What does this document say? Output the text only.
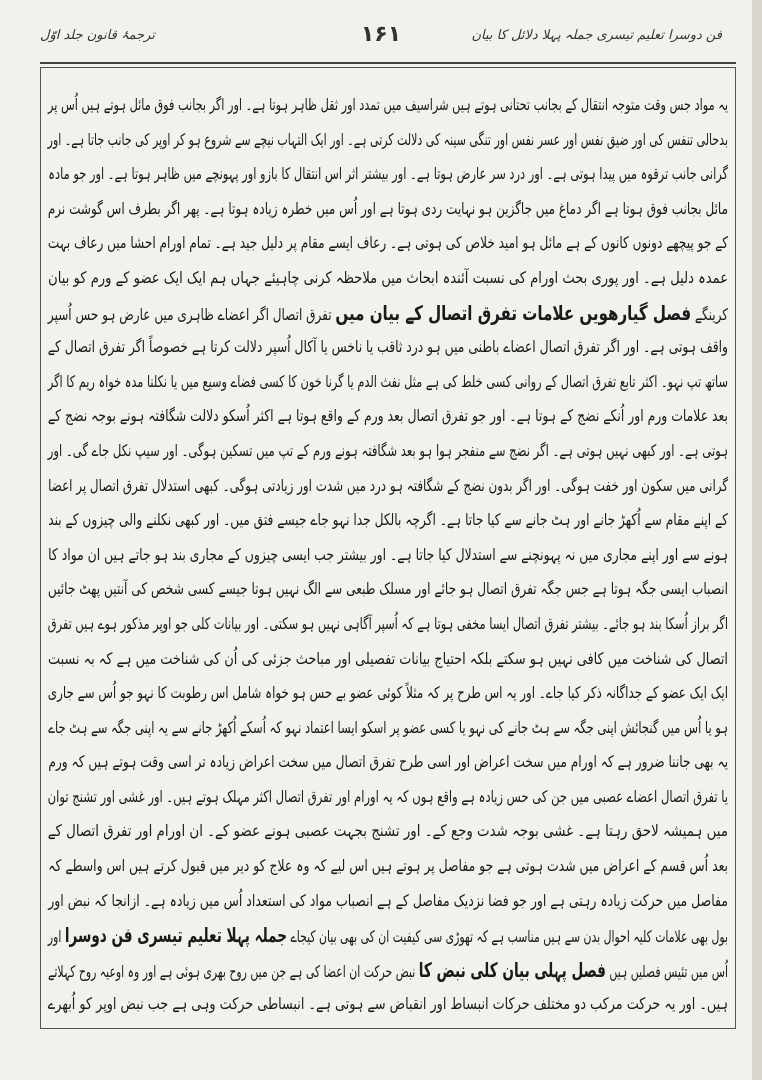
فن دوسرا تعلیم تیسری جملہ پہلا دلائل کا بیان
۱۶۱
ترجمۂ قانون جلد اوّل
یہ مواد جس وقت متوجہ انتقال کے بجانب تحتانی ہوتے ہیں شراسیف میں تمدد اور ثقل ظاہر ہوتا ہے۔ اور اگر بجانب فوق مائل ہوتے ہیں اُس پر
بدحالی تنفس کی اور ضیق نفس اور عسر نفس اور تنگی سینہ کی دلالت کرتی ہے۔ اور ایک التہاب نیچے سے شروع ہو کر اوپر کی جانب جاتا ہے۔ اور
گرانی جانب ترقوہ میں پیدا ہوتی ہے۔ اور درد سر عارض ہوتا ہے۔ اور بیشتر اثر اس انتقال کا بازو اور پہونچے میں ظاہر ہوتا ہے۔ اور جو مادہ
مائل بجانب فوق ہوتا ہے اگر دماغ میں جاگزین ہو نہایت ردی ہوتا ہے اور اُس میں خطرہ زیادہ ہوتا ہے۔ پھر اگر بطرف اس گوشت نرم
کے جو پیچھے دونوں کانوں کے ہے مائل ہو امید خلاص کی ہوتی ہے۔ رعاف ایسے مقام پر دلیل جید ہے۔ تمام اورام احشا میں رعاف بہت
عمدہ دلیل ہے۔ اور پوری بحث اورام کی نسبت آئندہ ابحاث میں ملاحظہ کرنی چاہیئے جہاں ہم ایک ایک عضو کے ورم کو بیان
کرینگے فصل گیارھویں علامات تفرق اتصال کے بیان میں تفرق اتصال اگر اعضاے ظاہری میں عارض ہو حس اُسپر
واقف ہوتی ہے۔ اور اگر تفرق اتصال اعضاے باطنی میں ہو درد ثاقب یا ناخس یا آکال اُسپر دلالت کرتا ہے خصوصاً اگر تفرق اتصال کے
ساتھ تپ نہو۔ اکثر تابع تفرق اتصال کے روانی کسی خلط کی ہے مثل نفث الدم یا گرنا خون کا کسی فضاے وسیع میں یا نکلنا مدہ خواہ ریم کا اگر
بعد علامات ورم اور اُنکے نضج کے ہوتا ہے۔ اور جو تفرق اتصال بعد ورم کے واقع ہوتا ہے اکثر اُسکو دلالت شگافتہ ہونے بوجہ نضج کے
ہوتی ہے۔ اور کبھی نہیں ہوتی ہے۔ اگر نضج سے منفجر ہوا ہو بعد شگافتہ ہونے ورم کے تپ میں تسکین ہوگی۔ اور سیپ نکل جاے گی۔ اور
گرانی میں سکون اور خفت ہوگی۔ اور اگر بدون نضج کے شگافتہ ہو درد میں شدت اور زیادتی ہوگی۔ کبھی استدلال تفرق اتصال پر اعضا
کے اپنے مقام سے اُکھڑ جانے اور ہٹ جانے سے کیا جاتا ہے۔ اگرچہ بالکل جدا نہو جاے جیسے فتق میں۔ اور کبھی نکلنے والی چیزوں کے بند
ہونے سے اور اپنے مجاری میں نہ پہونچنے سے استدلال کیا جاتا ہے۔ اور بیشتر جب ایسی چیزوں کے مجاری بند ہو جاتے ہیں ان مواد کا
انصباب ایسی جگہ ہوتا ہے جس جگہ تفرق اتصال ہو جائے اور مسلک طبعی سے الگ نہیں ہوتا جیسے کسی شخص کی آنتیں پھٹ جائیں
اگر براز اُسکا بند ہو جائے۔ بیشتر تفرق اتصال ایسا مخفی ہوتا ہے کہ اُسپر آگاہی نہیں ہو سکتی۔ اور بیانات کلی جو اوپر مذکور ہوے ہیں تفرق
اتصال کی شناخت میں کافی نہیں ہو سکتے بلکہ احتیاج بیانات تفصیلی اور مباحث جزئی کی اُن کی شناخت میں ہے کہ بہ نسبت
ایک ایک عضو کے جداگانہ ذکر کیا جاے۔ اور یہ اس طرح پر کہ مثلاً کوئی عضو بے حس ہو خواہ شامل اس رطوبت کا نہو جو اُس سے جاری
ہو یا اُس میں گنجائش اپنی جگہ سے ہٹ جانے کی نہو یا کسی عضو پر اسکو ایسا اعتماد نہو کہ اُسکے اُکھڑ جانے سے یہ اپنی جگہ سے ہٹ جاے
یہ بھی جاننا ضرور ہے کہ اورام میں سخت اعراض اور اسی طرح تفرق اتصال میں سخت اعراض زیادہ تر اسی وقت ہوتے ہیں کہ ورم
یا تفرق اتصال اعضاے عصبی میں جن کی حس زیادہ ہے واقع ہوں کہ یہ اورام اور تفرق اتصال اکثر مہلک ہوتے ہیں۔ اور غشی اور تشنج توان
میں ہمیشہ لاحق رہتا ہے۔ غشی بوجہ شدت وجع کے۔ اور تشنج بجہت عصبی ہونے عضو کے۔ ان اورام اور تفرق اتصال کے
بعد اُس قسم کے اعراض میں شدت ہوتی ہے جو مفاصل پر ہوتے ہیں اس لیے کہ وہ علاج کو دیر میں قبول کرتے ہیں اس واسطے کہ
مفاصل میں حرکت زیادہ رہتی ہے اور جو فضا نزدیک مفاصل کے ہے انصباب مواد کی استعداد اُس میں زیادہ ہے۔ ازانجا کہ نبض اور
بول بھی علامات کلیہ احوال بدن سے ہیں مناسب ہے کہ تھوڑی سی کیفیت ان کی بھی بیان کیجاے جملہ پہلا تعلیم تیسری فن دوسرا اور
اُس میں تئیس فصلیں ہیں فصل پہلی بیان کلی نبض کا نبض حرکت ان اعضا کی ہے جن میں روح بھری ہوئی ہے اور وہ اوعیہ روح کہلاتے
ہیں۔ اور یہ حرکت مرکب دو مختلف حرکات انبساط اور انقباض سے ہوتی ہے۔ انبساطی حرکت وہی ہے جب نبض اوپر کو اُبھرے
